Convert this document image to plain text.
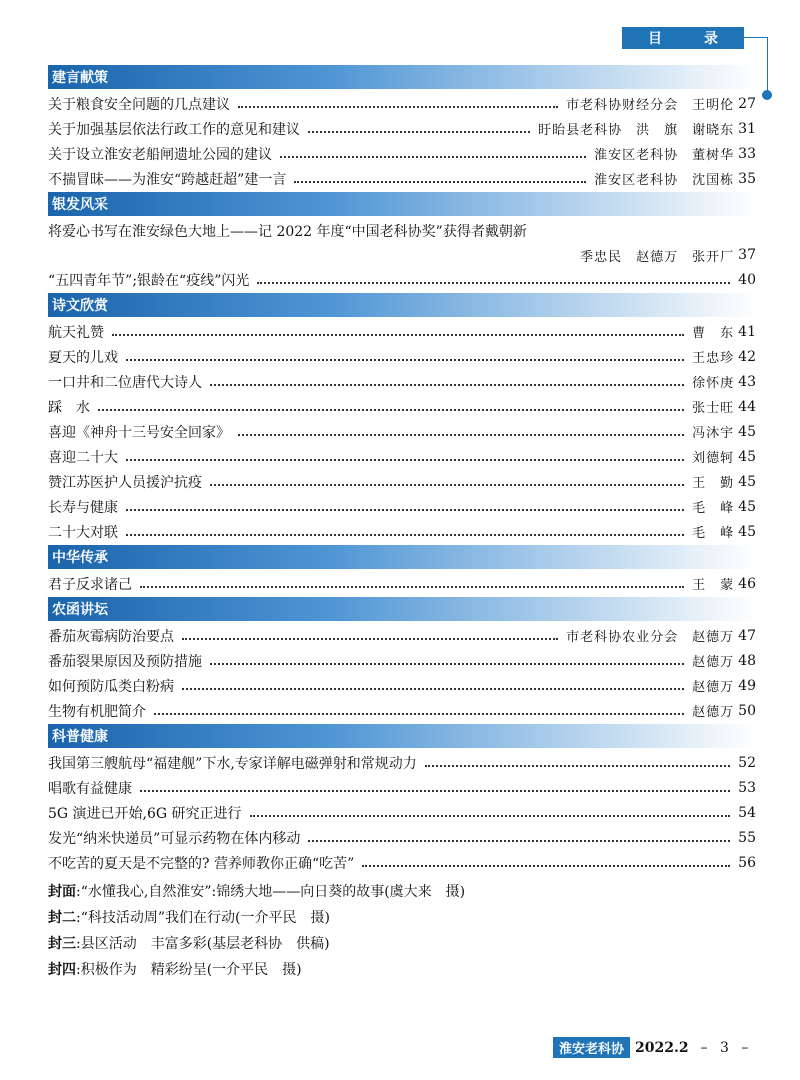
目　录
建言献策
关于粮食安全问题的几点建议	市老科协财经分会　王明伦 27
关于加强基层依法行政工作的意见和建议	盱眙县老科协　洪　旗　谢晓东 31
关于设立淮安老船闸遗址公园的建议	淮安区老科协　董树华 33
不揣冒昧——为淮安“跨越赶超”建一言	淮安区老科协　沈国栋 35
银发风采
将爱心书写在淮安绿色大地上——记 2022 年度“中国老科协奖”获得者戴朝新
季忠民　赵德万　张开厂 37
“五四青年节”;银龄在“疫线”闪光	40
诗文欣赏
航天礼赞	曹　东 41
夏天的儿戏	王忠珍 42
一口井和二位唐代大诗人	徐怀庚 43
踩　水	张士旺 44
喜迎《神舟十三号安全回家》	冯沐宇 45
喜迎二十大	刘德轲 45
赞江苏医护人员援沪抗疫	王　勤 45
长寿与健康	毛　峰 45
二十大对联	毛　峰 45
中华传承
君子反求诸己	王　蒙 46
农函讲坛
番茄灰霉病防治要点	市老科协农业分会　赵德万 47
番茄裂果原因及预防措施	赵德万 48
如何预防瓜类白粉病	赵德万 49
生物有机肥简介	赵德万 50
科普健康
我国第三艘航母“福建舰”下水,专家详解电磁弹射和常规动力	52
唱歌有益健康	53
5G 演进已开始,6G 研究正进行	54
发光“纳米快递员”可显示药物在体内移动	55
不吃苦的夏天是不完整的? 营养师教你正确“吃苦”	56
封面 :“水懂我心,自然淮安”:锦绣大地——向日葵的故事(虞大来　摄)
封二 :“科技活动周”我们在行动(一介平民　摄)
封三 :县区活动　丰富多彩(基层老科协　供稿)
封四 :积极作为　精彩纷呈(一介平民　摄)
淮安老科协 2022.2 – 3 –
